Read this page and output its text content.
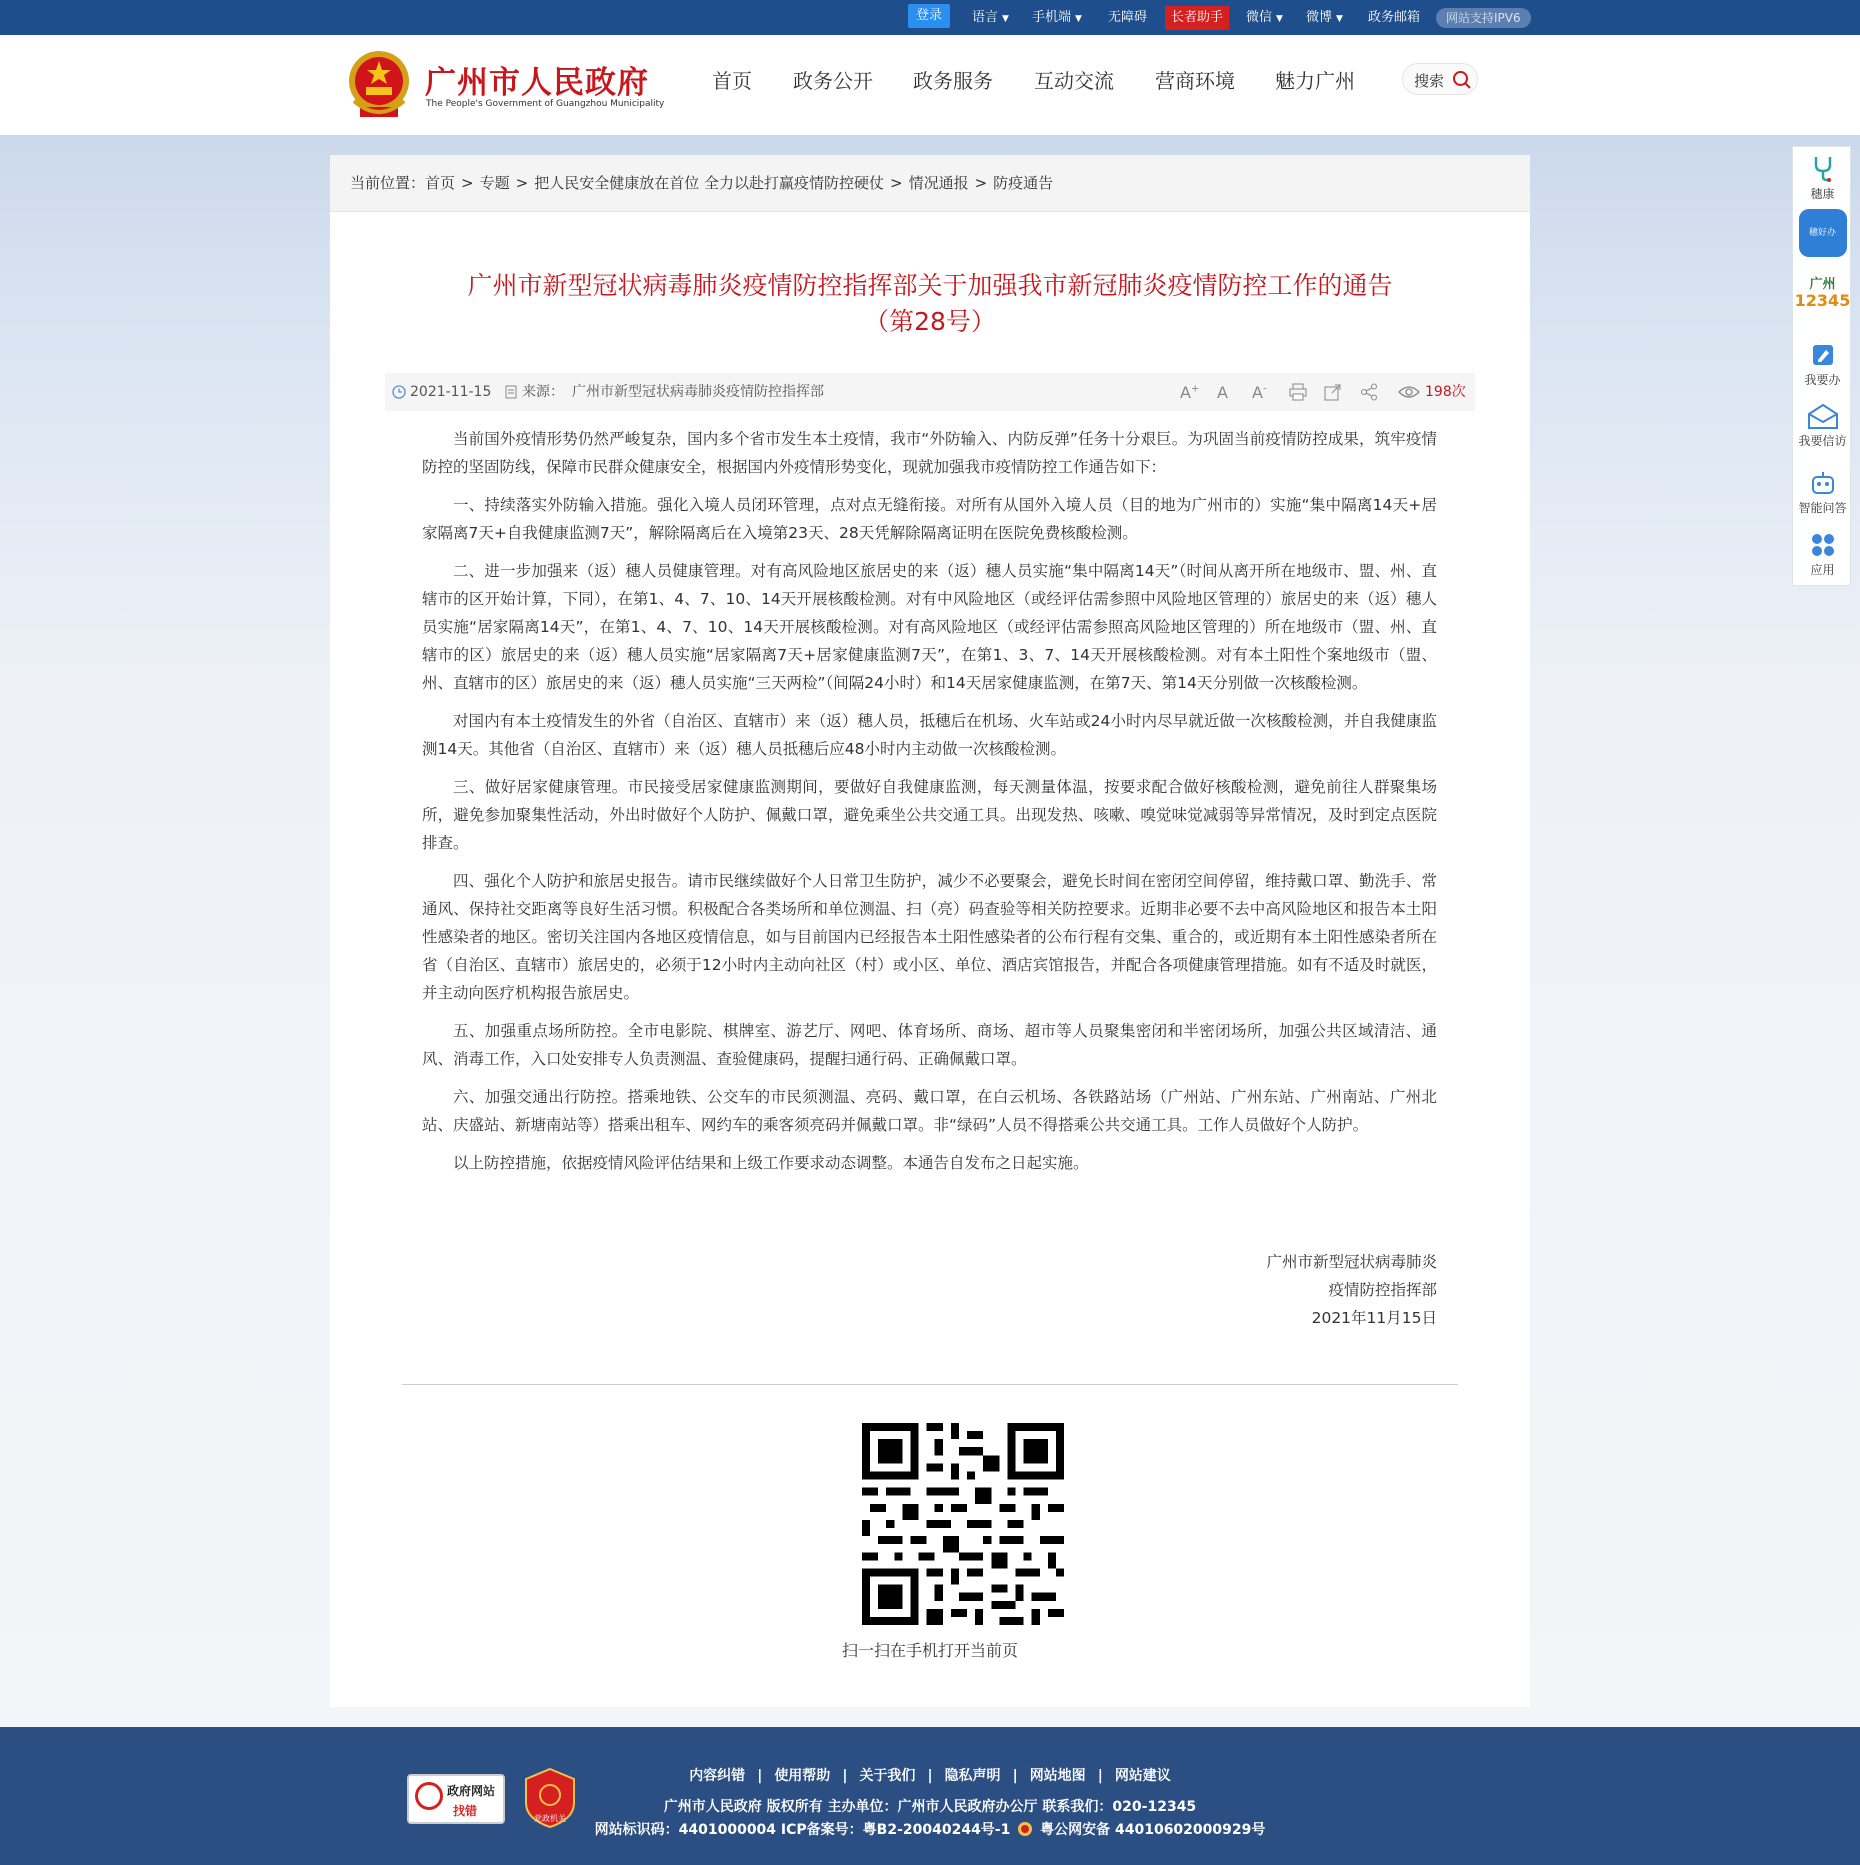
登录	语言 ▼ 手机端 ▼ 无障碍	长者助手	微信 ▼ 微博 ▼ 政务邮箱	网站支持IPV6
广州市人民政府
The People's Government of Guangzhou Municipality
首页 政务公开 政务服务 互动交流 营商环境 魅力广州	搜索
当前位置：首页 > 专题 > 把人民安全健康放在首位 全力以赴打赢疫情防控硬仗 > 情况通报 > 防疫通告
广州市新型冠状病毒肺炎疫情防控指挥部关于加强我市新冠肺炎疫情防控工作的通告
（第28号）
2021-11-15 来源： 广州市新型冠状病毒肺炎疫情防控指挥部	A+ A A-	198次

当前国外疫情形势仍然严峻复杂，国内多个省市发生本土疫情，我市“外防输入、内防反弹”任务十分艰巨。为巩固当前疫情防控成果，筑牢疫情防控的坚固防线，保障市民群众健康安全，根据国内外疫情形势变化，现就加强我市疫情防控工作通告如下：

一、持续落实外防输入措施。强化入境人员闭环管理，点对点无缝衔接。对所有从国外入境人员（目的地为广州市的）实施“集中隔离14天+居家隔离7天+自我健康监测7天”，解除隔离后在入境第23天、28天凭解除隔离证明在医院免费核酸检测。

二、进一步加强来（返）穗人员健康管理。对有高风险地区旅居史的来（返）穗人员实施“集中隔离14天”（时间从离开所在地级市、盟、州、直辖市的区开始计算，下同），在第1、4、7、10、14天开展核酸检测。对有中风险地区（或经评估需参照中风险地区管理的）旅居史的来（返）穗人员实施“居家隔离14天”，在第1、4、7、10、14天开展核酸检测。对有高风险地区（或经评估需参照高风险地区管理的）所在地级市（盟、州、直辖市的区）旅居史的来（返）穗人员实施“居家隔离7天+居家健康监测7天”，在第1、3、7、14天开展核酸检测。对有本土阳性个案地级市（盟、州、直辖市的区）旅居史的来（返）穗人员实施“三天两检”（间隔24小时）和14天居家健康监测，在第7天、第14天分别做一次核酸检测。

对国内有本土疫情发生的外省（自治区、直辖市）来（返）穗人员，抵穗后在机场、火车站或24小时内尽早就近做一次核酸检测，并自我健康监测14天。其他省（自治区、直辖市）来（返）穗人员抵穗后应48小时内主动做一次核酸检测。

三、做好居家健康管理。市民接受居家健康监测期间，要做好自我健康监测，每天测量体温，按要求配合做好核酸检测，避免前往人群聚集场所，避免参加聚集性活动，外出时做好个人防护、佩戴口罩，避免乘坐公共交通工具。出现发热、咳嗽、嗅觉味觉减弱等异常情况，及时到定点医院排查。

四、强化个人防护和旅居史报告。请市民继续做好个人日常卫生防护，减少不必要聚会，避免长时间在密闭空间停留，维持戴口罩、勤洗手、常通风、保持社交距离等良好生活习惯。积极配合各类场所和单位测温、扫（亮）码查验等相关防控要求。近期非必要不去中高风险地区和报告本土阳性感染者的地区。密切关注国内各地区疫情信息，如与目前国内已经报告本土阳性感染者的公布行程有交集、重合的，或近期有本土阳性感染者所在省（自治区、直辖市）旅居史的，必须于12小时内主动向社区（村）或小区、单位、酒店宾馆报告，并配合各项健康管理措施。如有不适及时就医，并主动向医疗机构报告旅居史。

五、加强重点场所防控。全市电影院、棋牌室、游艺厅、网吧、体育场所、商场、超市等人员聚集密闭和半密闭场所，加强公共区域清洁、通风、消毒工作，入口处安排专人负责测温、查验健康码，提醒扫通行码、正确佩戴口罩。

六、加强交通出行防控。搭乘地铁、公交车的市民须测温、亮码、戴口罩，在白云机场、各铁路站场（广州站、广州东站、广州南站、广州北站、庆盛站、新塘南站等）搭乘出租车、网约车的乘客须亮码并佩戴口罩。非“绿码”人员不得搭乘公共交通工具。工作人员做好个人防护。

以上防控措施，依据疫情风险评估结果和上级工作要求动态调整。本通告自发布之日起实施。

广州市新型冠状病毒肺炎
疫情防控指挥部
2021年11月15日
扫一扫在手机打开当前页
穗康
穗好办
广州
12345
我要办
我要信访
智能问答
应用
政府网站
找错
党政机关
内容纠错 | 使用帮助 | 关于我们 | 隐私声明 | 网站地图 | 网站建议
广州市人民政府 版权所有 主办单位：广州市人民政府办公厅 联系我们：020-12345
网站标识码：4401000004 ICP备案号：粤B2-20040244号-1 粤公网安备 44010602000929号
